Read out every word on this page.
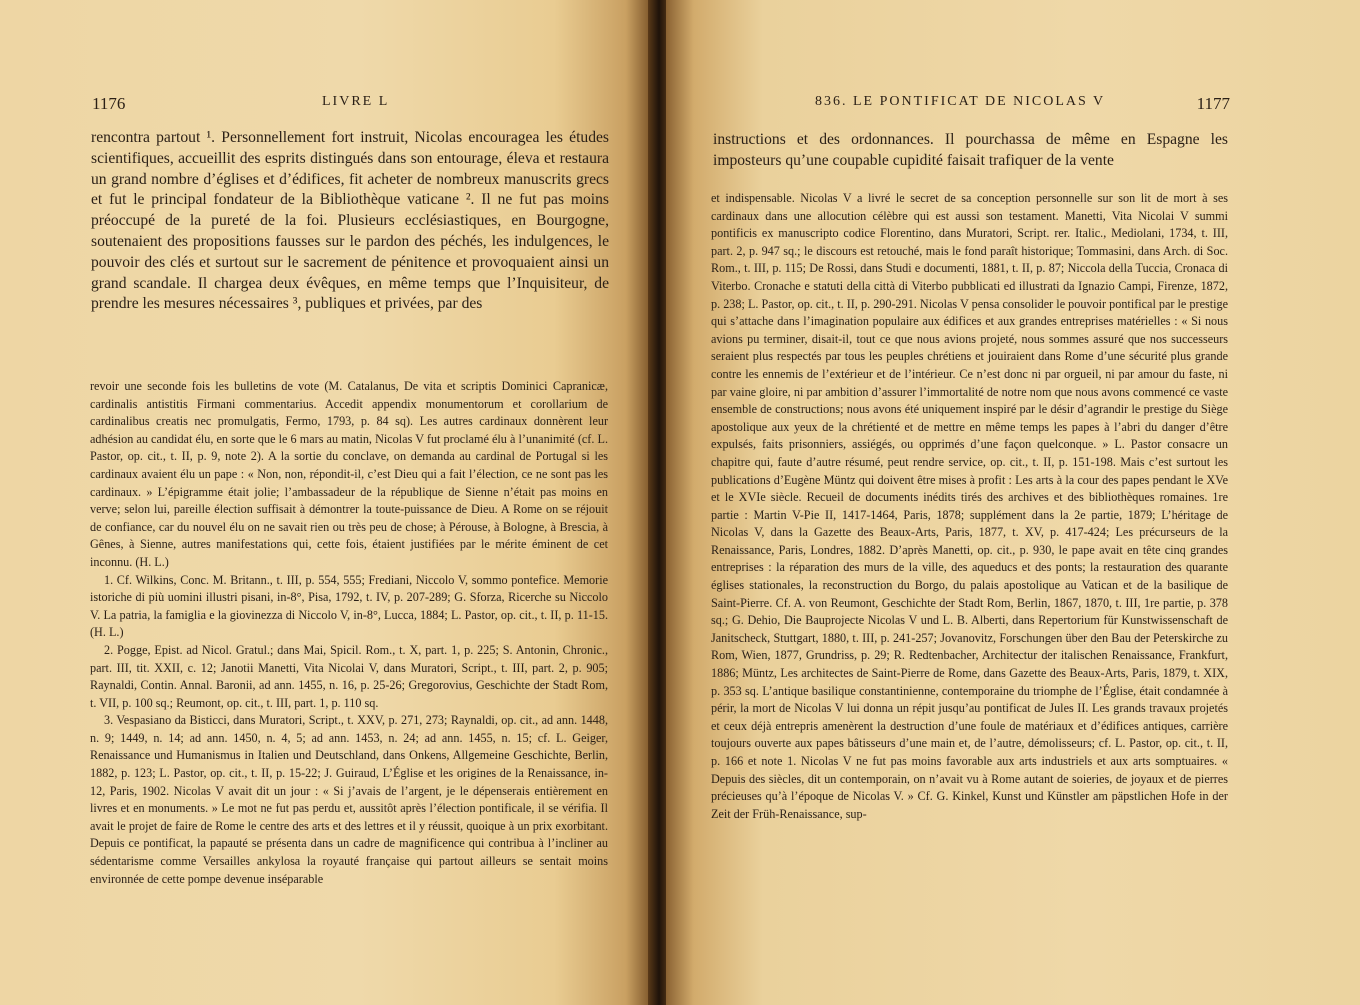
1176	LIVRE L

rencontra partout ¹. Personnellement fort instruit, Nicolas encouragea les études scientifiques, accueillit des esprits distingués dans son entourage, éleva et restaura un grand nombre d’églises et d’édifices, fit acheter de nombreux manuscrits grecs et fut le principal fondateur de la Bibliothèque vaticane ². Il ne fut pas moins préoccupé de la pureté de la foi. Plusieurs ecclésiastiques, en Bourgogne, soutenaient des propositions fausses sur le pardon des péchés, les indulgences, le pouvoir des clés et surtout sur le sacrement de pénitence et provoquaient ainsi un grand scandale. Il chargea deux évêques, en même temps que l’Inquisiteur, de prendre les mesures nécessaires ³, publiques et privées, par des

revoir une seconde fois les bulletins de vote (M. Catalanus, De vita et scriptis Dominici Capranicæ, cardinalis antistitis Firmani commentarius. Accedit appendix monumentorum et corollarium de cardinalibus creatis nec promulgatis, Fermo, 1793, p. 84 sq). Les autres cardinaux donnèrent leur adhésion au candidat élu, en sorte que le 6 mars au matin, Nicolas V fut proclamé élu à l’unanimité (cf. L. Pastor, op. cit., t. II, p. 9, note 2). A la sortie du conclave, on demanda au cardinal de Portugal si les cardinaux avaient élu un pape : « Non, non, répondit-il, c’est Dieu qui a fait l’élection, ce ne sont pas les cardinaux. » L’épigramme était jolie; l’ambassadeur de la république de Sienne n’était pas moins en verve; selon lui, pareille élection suffisait à démontrer la toute-puissance de Dieu. A Rome on se réjouit de confiance, car du nouvel élu on ne savait rien ou très peu de chose; à Pérouse, à Bologne, à Brescia, à Gênes, à Sienne, autres manifestations qui, cette fois, étaient justifiées par le mérite éminent de cet inconnu. (H. L.)

1. Cf. Wilkins, Conc. M. Britann., t. III, p. 554, 555; Frediani, Niccolo V, sommo pontefice. Memorie istoriche di più uomini illustri pisani, in-8°, Pisa, 1792, t. IV, p. 207-289; G. Sforza, Ricerche su Niccolo V. La patria, la famiglia e la giovinezza di Niccolo V, in-8°, Lucca, 1884; L. Pastor, op. cit., t. II, p. 11-15. (H. L.)

2. Pogge, Epist. ad Nicol. Gratul.; dans Mai, Spicil. Rom., t. X, part. 1, p. 225; S. Antonin, Chronic., part. III, tit. XXII, c. 12; Janotii Manetti, Vita Nicolai V, dans Muratori, Script., t. III, part. 2, p. 905; Raynaldi, Contin. Annal. Baronii, ad ann. 1455, n. 16, p. 25-26; Gregorovius, Geschichte der Stadt Rom, t. VII, p. 100 sq.; Reumont, op. cit., t. III, part. 1, p. 110 sq.

3. Vespasiano da Bisticci, dans Muratori, Script., t. XXV, p. 271, 273; Raynaldi, op. cit., ad ann. 1448, n. 9; 1449, n. 14; ad ann. 1450, n. 4, 5; ad ann. 1453, n. 24; ad ann. 1455, n. 15; cf. L. Geiger, Renaissance und Humanismus in Italien und Deutschland, dans Onkens, Allgemeine Geschichte, Berlin, 1882, p. 123; L. Pastor, op. cit., t. II, p. 15-22; J. Guiraud, L’Église et les origines de la Renaissance, in-12, Paris, 1902. Nicolas V avait dit un jour : « Si j’avais de l’argent, je le dépenserais entièrement en livres et en monuments. » Le mot ne fut pas perdu et, aussitôt après l’élection pontificale, il se vérifia. Il avait le projet de faire de Rome le centre des arts et des lettres et il y réussit, quoique à un prix exorbitant. Depuis ce pontificat, la papauté se présenta dans un cadre de magnificence qui contribua à l’incliner au sédentarisme comme Versailles ankylosa la royauté française qui partout ailleurs se sentait moins environnée de cette pompe devenue inséparable

836. LE PONTIFICAT DE NICOLAS V	1177

instructions et des ordonnances. Il pourchassa de même en Espagne les imposteurs qu’une coupable cupidité faisait trafiquer de la vente

et indispensable. Nicolas V a livré le secret de sa conception personnelle sur son lit de mort à ses cardinaux dans une allocution célèbre qui est aussi son testament. Manetti, Vita Nicolai V summi pontificis ex manuscripto codice Florentino, dans Muratori, Script. rer. Italic., Mediolani, 1734, t. III, part. 2, p. 947 sq.; le discours est retouché, mais le fond paraît historique; Tommasini, dans Arch. di Soc. Rom., t. III, p. 115; De Rossi, dans Studi e documenti, 1881, t. II, p. 87; Niccola della Tuccia, Cronaca di Viterbo. Cronache e statuti della città di Viterbo pubblicati ed illustrati da Ignazio Campi, Firenze, 1872, p. 238; L. Pastor, op. cit., t. II, p. 290-291. Nicolas V pensa consolider le pouvoir pontifical par le prestige qui s’attache dans l’imagination populaire aux édifices et aux grandes entreprises matérielles : « Si nous avions pu terminer, disait-il, tout ce que nous avions projeté, nous sommes assuré que nos successeurs seraient plus respectés par tous les peuples chrétiens et jouiraient dans Rome d’une sécurité plus grande contre les ennemis de l’extérieur et de l’intérieur. Ce n’est donc ni par orgueil, ni par amour du faste, ni par vaine gloire, ni par ambition d’assurer l’immortalité de notre nom que nous avons commencé ce vaste ensemble de constructions; nous avons été uniquement inspiré par le désir d’agrandir le prestige du Siège apostolique aux yeux de la chrétienté et de mettre en même temps les papes à l’abri du danger d’être expulsés, faits prisonniers, assiégés, ou opprimés d’une façon quelconque. » L. Pastor consacre un chapitre qui, faute d’autre résumé, peut rendre service, op. cit., t. II, p. 151-198. Mais c’est surtout les publications d’Eugène Müntz qui doivent être mises à profit : Les arts à la cour des papes pendant le XVe et le XVIe siècle. Recueil de documents inédits tirés des archives et des bibliothèques romaines. 1re partie : Martin V-Pie II, 1417-1464, Paris, 1878; supplément dans la 2e partie, 1879; L’héritage de Nicolas V, dans la Gazette des Beaux-Arts, Paris, 1877, t. XV, p. 417-424; Les précurseurs de la Renaissance, Paris, Londres, 1882. D’après Manetti, op. cit., p. 930, le pape avait en tête cinq grandes entreprises : la réparation des murs de la ville, des aqueducs et des ponts; la restauration des quarante églises stationales, la reconstruction du Borgo, du palais apostolique au Vatican et de la basilique de Saint-Pierre. Cf. A. von Reumont, Geschichte der Stadt Rom, Berlin, 1867, 1870, t. III, 1re partie, p. 378 sq.; G. Dehio, Die Bauprojecte Nicolas V und L. B. Alberti, dans Repertorium für Kunstwissenschaft de Janitscheck, Stuttgart, 1880, t. III, p. 241-257; Jovanovitz, Forschungen über den Bau der Peterskirche zu Rom, Wien, 1877, Grundriss, p. 29; R. Redtenbacher, Architectur der italischen Renaissance, Frankfurt, 1886; Müntz, Les architectes de Saint-Pierre de Rome, dans Gazette des Beaux-Arts, Paris, 1879, t. XIX, p. 353 sq. L’antique basilique constantinienne, contemporaine du triomphe de l’Église, était condamnée à périr, la mort de Nicolas V lui donna un répit jusqu’au pontificat de Jules II. Les grands travaux projetés et ceux déjà entrepris amenèrent la destruction d’une foule de matériaux et d’édifices antiques, carrière toujours ouverte aux papes bâtisseurs d’une main et, de l’autre, démolisseurs; cf. L. Pastor, op. cit., t. II, p. 166 et note 1. Nicolas V ne fut pas moins favorable aux arts industriels et aux arts somptuaires. « Depuis des siècles, dit un contemporain, on n’avait vu à Rome autant de soieries, de joyaux et de pierres précieuses qu’à l’époque de Nicolas V. » Cf. G. Kinkel, Kunst und Künstler am päpstlichen Hofe in der Zeit der Früh-Renaissance, sup-
